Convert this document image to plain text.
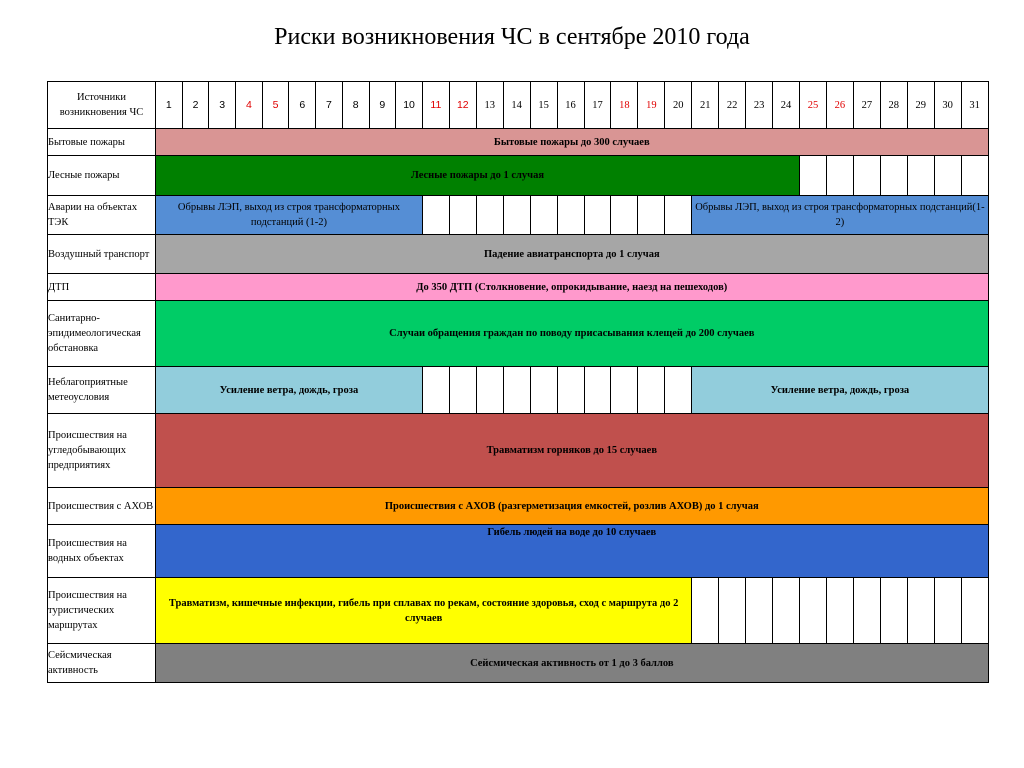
Риски возникновения ЧС в сентябре 2010 года
Источники возникновения ЧС	1	2	3	4	5	6	7	8	9	10	11	12	13	14	15	16	17	18	19	20	21	22	23	24	25	26	27	28	29	30	31
Бытовые пожары	Бытовые пожары до 300 случаев																														
Лесные пожары	Лесные пожары до 1 случая																														
Аварии на объектах ТЭК	Обрывы ЛЭП, выход из строя трансформаторных подстанций (1-2)																				Обрывы ЛЭП, выход из строя трансформаторных подстанций(1-2)										
Воздушный транспорт	Падение авиатранспорта до 1 случая																														
ДТП	До 350 ДТП (Столкновение, опрокидывание, наезд на пешеходов)																														
Санитарно-эпидимеологическая обстановка	Случаи обращения граждан по поводу присасывания клещей до 200 случаев																														
Неблагоприятные метеоусловия	Усиление ветра, дождь, гроза																				Усиление ветра, дождь, гроза										
Происшествия на угледобывающих предприятиях	Травматизм горняков до 15 случаев																														
Происшествия с АХОВ	Происшествия с АХОВ (разгерметизация емкостей, розлив АХОВ) до 1 случая																														
Происшествия на водных объектах	Гибель людей на воде до 10 случаев																														
Происшествия на туристических маршрутах	Травматизм, кишечные инфекции, гибель при сплавах по рекам, состояние здоровья, сход с маршрута до 2 случаев																														
Сейсмическая активность	Сейсмическая активность от 1 до 3 баллов																														
